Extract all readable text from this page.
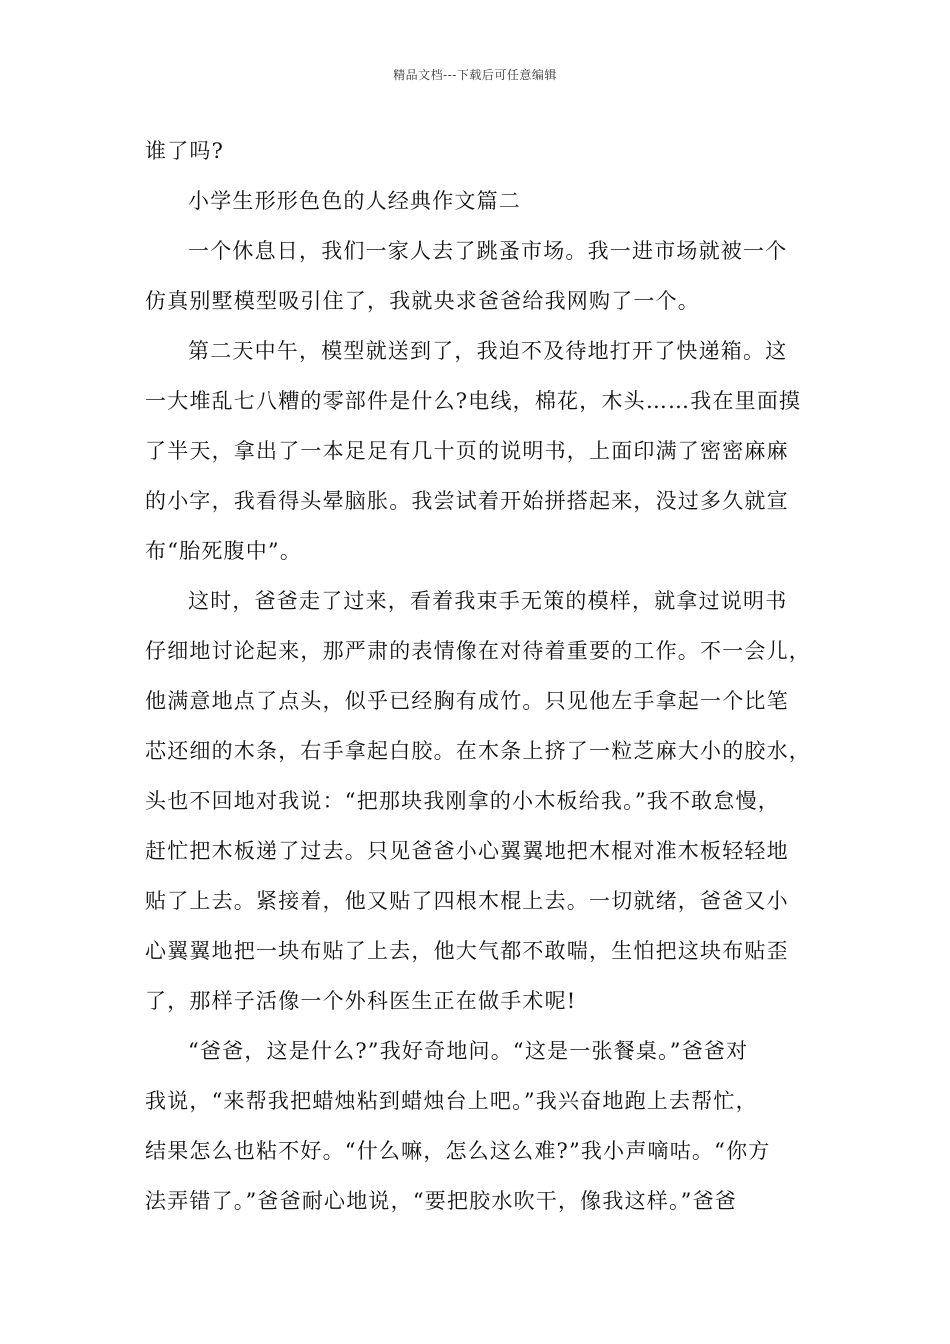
精品文档---下载后可任意编辑
谁了吗?
小学生形形色色的人经典作文篇二
一个休息日，我们一家人去了跳蚤市场。我一进市场就被一个
仿真别墅模型吸引住了，我就央求爸爸给我网购了一个。
第二天中午，模型就送到了，我迫不及待地打开了快递箱。这
一大堆乱七八糟的零部件是什么?电线，棉花，木头……我在里面摸
了半天，拿出了一本足足有几十页的说明书，上面印满了密密麻麻
的小字，我看得头晕脑胀。我尝试着开始拼搭起来，没过多久就宣
布“胎死腹中”。
这时，爸爸走了过来，看着我束手无策的模样，就拿过说明书
仔细地讨论起来，那严肃的表情像在对待着重要的工作。不一会儿，
他满意地点了点头，似乎已经胸有成竹。只见他左手拿起一个比笔
芯还细的木条，右手拿起白胶。在木条上挤了一粒芝麻大小的胶水，
头也不回地对我说：“把那块我刚拿的小木板给我。”我不敢怠慢，
赶忙把木板递了过去。只见爸爸小心翼翼地把木棍对准木板轻轻地
贴了上去。紧接着，他又贴了四根木棍上去。一切就绪，爸爸又小
心翼翼地把一块布贴了上去，他大气都不敢喘，生怕把这块布贴歪
了，那样子活像一个外科医生正在做手术呢!
“爸爸，这是什么?”我好奇地问。“这是一张餐桌。”爸爸对
我说，“来帮我把蜡烛粘到蜡烛台上吧。”我兴奋地跑上去帮忙，
结果怎么也粘不好。“什么嘛，怎么这么难?”我小声嘀咕。“你方
法弄错了。”爸爸耐心地说，“要把胶水吹干，像我这样。”爸爸
